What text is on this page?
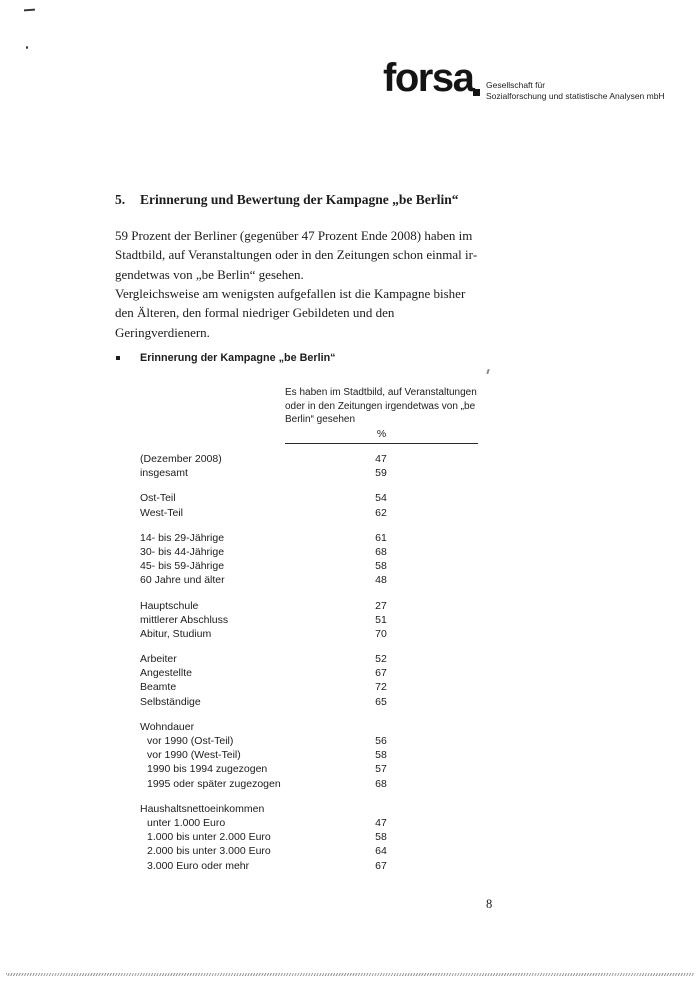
forsa Gesellschaft für
Sozialforschung und statistische Analysen mbH
5.	Erinnerung und Bewertung der Kampagne „be Berlin“

59 Prozent der Berliner (gegenüber 47 Prozent Ende 2008) haben im Stadtbild, auf Veranstaltungen oder in den Zeitungen schon einmal irgendetwas von „be Berlin“ gesehen.

Vergleichsweise am wenigsten aufgefallen ist die Kampagne bisher den Älteren, den formal niedriger Gebildeten und den Geringverdienern.

Erinnerung der Kampagne „be Berlin“
Es haben im Stadtbild, auf Veranstaltungen oder in den Zeitungen irgendetwas von „be Berlin“ gesehen
%
(Dezember 2008)	47
insgesamt	59
Ost-Teil	54
West-Teil	62
14- bis 29-Jährige	61
30- bis 44-Jährige	68
45- bis 59-Jährige	58
60 Jahre und älter	48
Hauptschule	27
mittlerer Abschluss	51
Abitur, Studium	70
Arbeiter	52
Angestellte	67
Beamte	72
Selbständige	65
Wohndauer
vor 1990 (Ost-Teil)	56
vor 1990 (West-Teil)	58
1990 bis 1994 zugezogen	57
1995 oder später zugezogen	68
Haushaltsnettoeinkommen
unter 1.000 Euro	47
1.000 bis unter 2.000 Euro	58
2.000 bis unter 3.000 Euro	64
3.000 Euro oder mehr	67
8
